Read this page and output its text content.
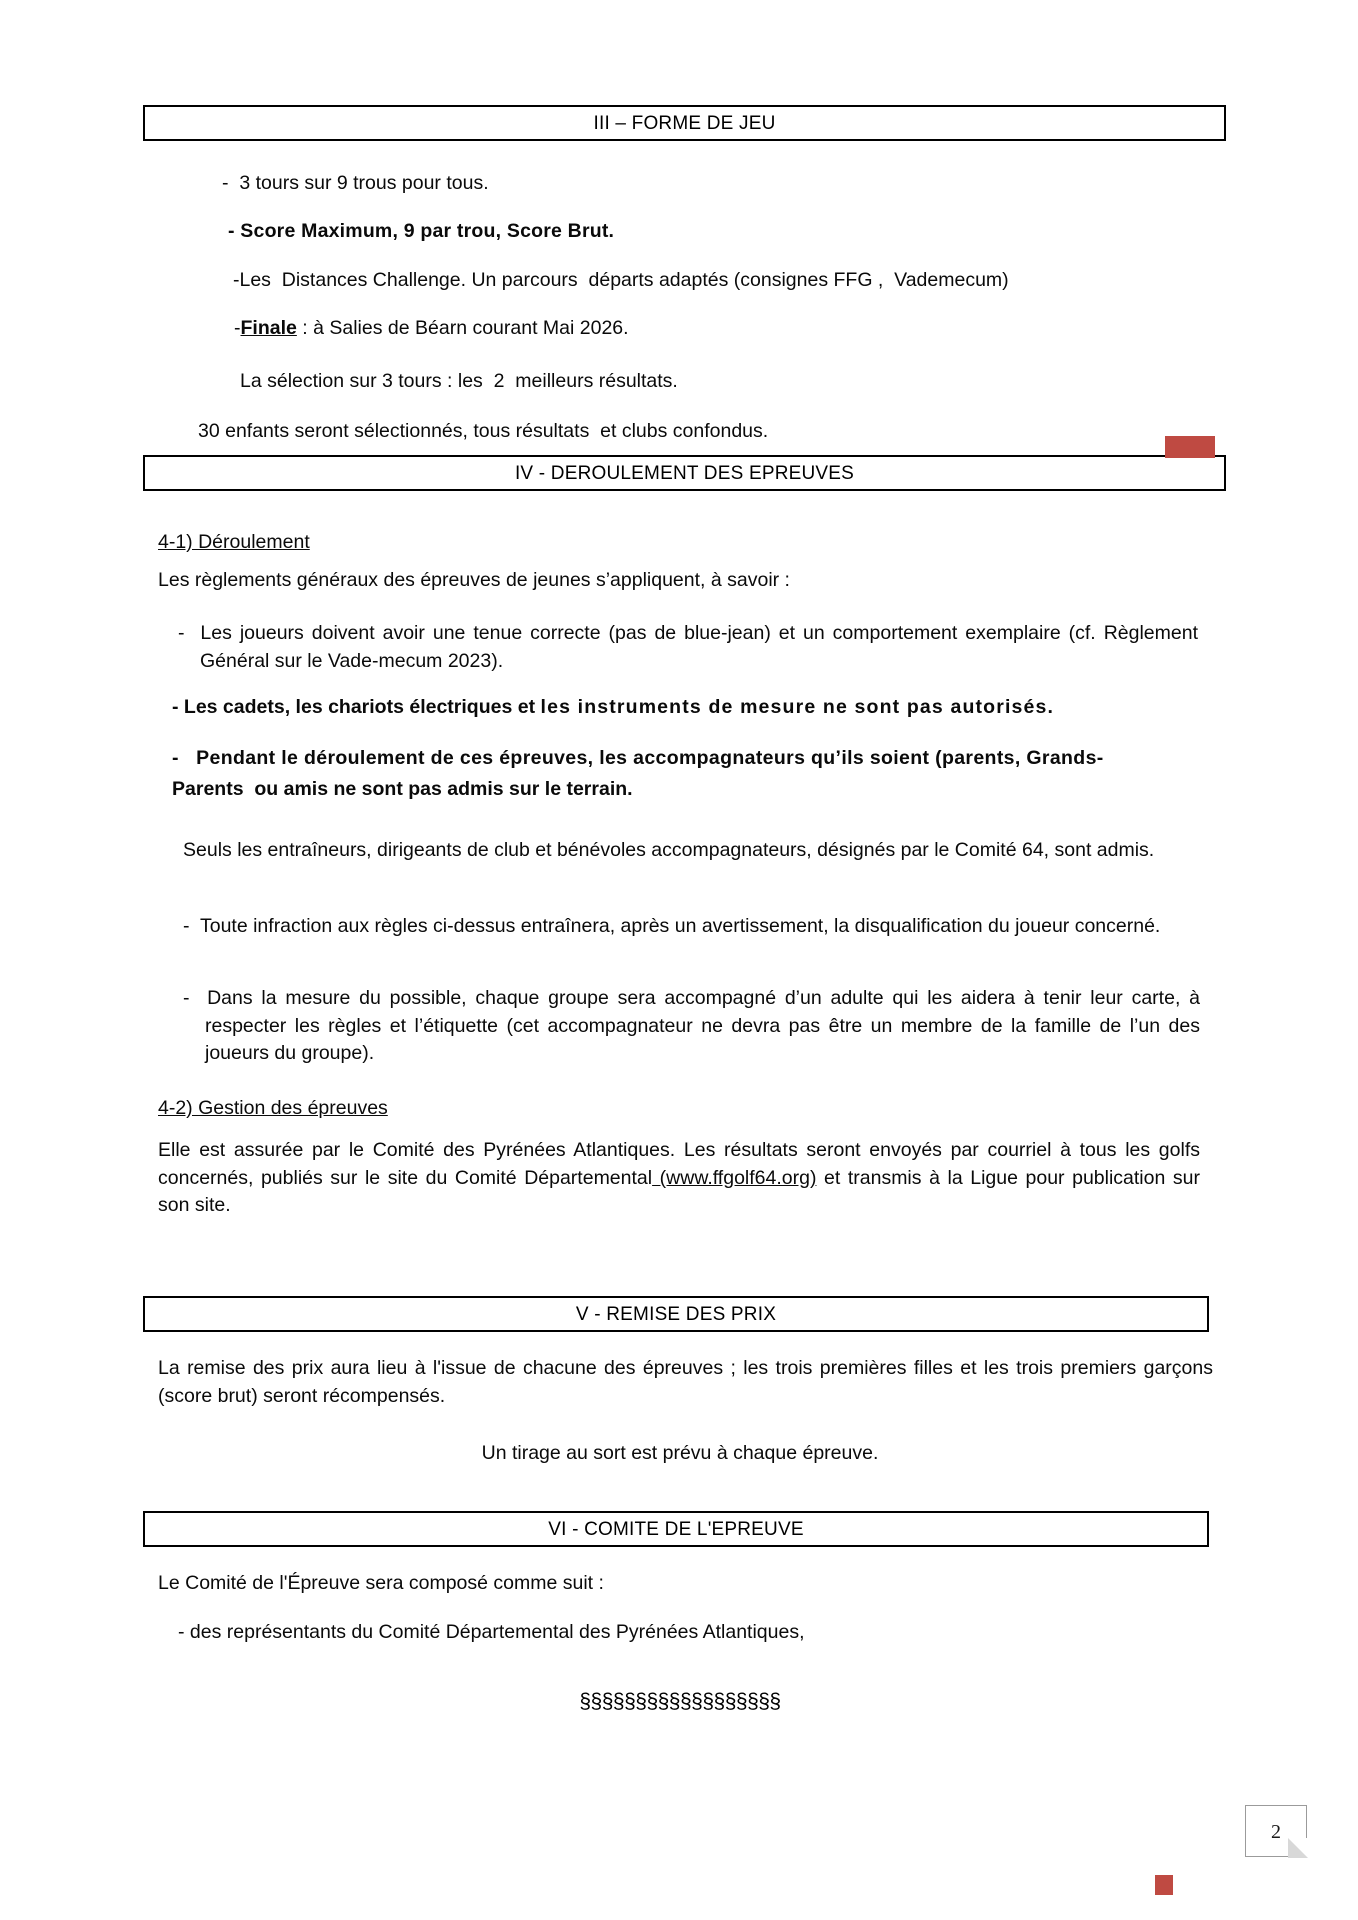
III – FORME DE JEU
-  3 tours sur 9 trous pour tous.
- Score Maximum, 9 par trou, Score Brut.
-Les  Distances Challenge. Un parcours  départs adaptés (consignes FFG ,  Vademecum)
-Finale : à Salies de Béarn courant Mai 2026.
La sélection sur 3 tours : les  2  meilleurs résultats.
30 enfants seront sélectionnés, tous résultats  et clubs confondus.
IV - DEROULEMENT DES EPREUVES
4-1) Déroulement
Les règlements généraux des épreuves de jeunes s’appliquent, à savoir :
-  Les joueurs doivent avoir une tenue correcte (pas de blue-jean) et un comportement exemplaire (cf. Règlement Général sur le Vade-mecum 2023).
- Les cadets, les chariots électriques et les instruments de mesure ne sont pas autorisés.
-   Pendant le déroulement de ces épreuves, les accompagnateurs qu’ils soient (parents, Grands-
Parents  ou amis ne sont pas admis sur le terrain.
Seuls les entraîneurs, dirigeants de club et bénévoles accompagnateurs, désignés par le Comité 64, sont admis.
-  Toute infraction aux règles ci-dessus entraînera, après un avertissement, la disqualification du joueur concerné.
-  Dans la mesure du possible, chaque groupe sera accompagné d’un adulte qui les aidera à tenir leur carte, à respecter les règles et l’étiquette (cet accompagnateur ne devra pas être un membre de la famille de l’un des joueurs du groupe).
4-2) Gestion des épreuves
Elle est assurée par le Comité des Pyrénées Atlantiques. Les résultats seront envoyés par courriel à tous les golfs concernés, publiés sur le site du Comité Départemental (www.ffgolf64.org) et transmis à la Ligue pour publication sur son site.
V - REMISE DES PRIX
La remise des prix aura lieu à l'issue de chacune des épreuves ; les trois premières filles et les trois premiers garçons (score brut) seront récompensés.
Un tirage au sort est prévu à chaque épreuve.
VI - COMITE DE L'EPREUVE
Le Comité de l'Épreuve sera composé comme suit :
- des représentants du Comité Départemental des Pyrénées Atlantiques,
§§§§§§§§§§§§§§§§§§
2
